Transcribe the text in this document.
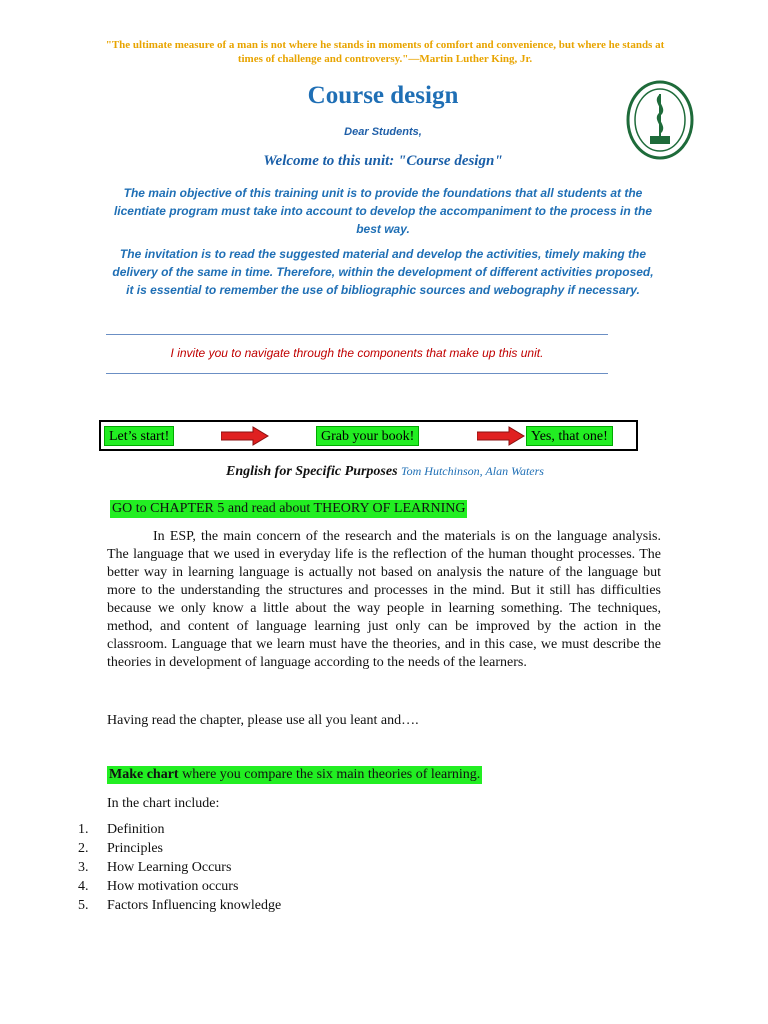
"The ultimate measure of a man is not where he stands in moments of comfort and convenience, but where he stands at times of challenge and controversy."—Martin Luther King, Jr.
Course design
Dear Students,
Welcome to this unit: "Course design"
The main objective of this training unit is to provide the foundations that all students at the licentiate program must take into account to develop the accompaniment to the process in the best way.
The invitation is to read the suggested material and develop the activities, timely making the delivery of the same in time. Therefore, within the development of different activities proposed, it is essential to remember the use of bibliographic sources and webography if necessary.
I invite you to navigate through the components that make up this unit.
Let’s start!	Grab your book!	Yes, that one!
English for Specific Purposes Tom Hutchinson, Alan Waters
GO to CHAPTER 5 and read about THEORY OF LEARNING
In ESP, the main concern of the research and the materials is on the language analysis. The language that we used in everyday life is the reflection of the human thought processes. The better way in learning language is actually not based on analysis the nature of the language but more to the understanding the structures and processes in the mind. But it still has difficulties because we only know a little about the way people in learning something. The techniques, method, and content of language learning just only can be improved by the action in the classroom. Language that we learn must have the theories, and in this case, we must describe the theories in development of language according to the needs of the learners.
Having read the chapter, please use all you leant and….
Make chart where you compare the six main theories of learning.
In the chart include:
1. Definition
2. Principles
3. How Learning Occurs
4. How motivation occurs
5. Factors Influencing knowledge
